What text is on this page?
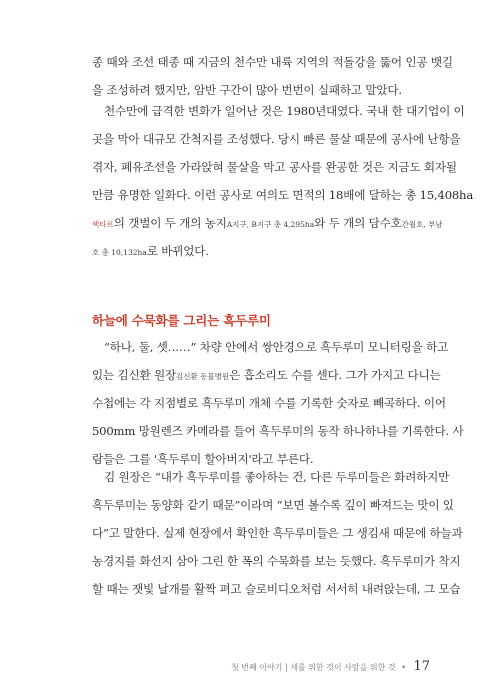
종 때와 조선 태종 때 지금의 천수만 내륙 지역의 적돌강을 뚫어 인공 뱃길
을 조성하려 했지만, 암반 구간이 많아 번번이 실패하고 말았다.
천수만에 급격한 변화가 일어난 것은 1980년대였다. 국내 한 대기업이 이
곳을 막아 대규모 간척지를 조성했다. 당시 빠른 물살 때문에 공사에 난항을
겪자, 폐유조선을 가라앉혀 물살을 막고 공사를 완공한 것은 지금도 회자될
만큼 유명한 일화다. 이런 공사로 여의도 면적의 18배에 달하는 총 15,408ha
핵타르의 갯벌이 두 개의 농지A지구, B지구 총 4,295ha와 두 개의 담수호간월호, 부남
호 총 10,132ha로 바뀌었다.
하늘에 수묵화를 그리는 흑두루미
“하나, 둘, 셋……” 차량 안에서 쌍안경으로 흑두루미 모니터링을 하고
있는 김신환 원장김신환 동물병원은 흡소리도 수를 센다. 그가 가지고 다니는
수첩에는 각 지점별로 흑두루미 개체 수를 기록한 숫자로 빼곡하다. 이어
500mm 망원렌즈 카메라를 들어 흑두루미의 동작 하나하나를 기록한다. 사
람들은 그를 '흑두루미 할아버지'라고 부른다.
김 원장은 “내가 흑두루미를 좋아하는 건, 다른 두루미들은 화려하지만
흑두루미는 동양화 같기 때문”이라며 “보면 볼수록 깊이 빠져드는 맛이 있
다”고 말한다. 실제 현장에서 확인한 흑두루미들은 그 생김새 때문에 하늘과
농경지를 화선지 삼아 그린 한 폭의 수묵화를 보는 듯했다. 흑두루미가 착지
할 때는 잿빛 날개를 활짝 펴고 슬로비디오처럼 서서히 내려앉는데, 그 모습
첫 번째 이야기 | 새를 위한 것이 사람을 위한 것 • 17
